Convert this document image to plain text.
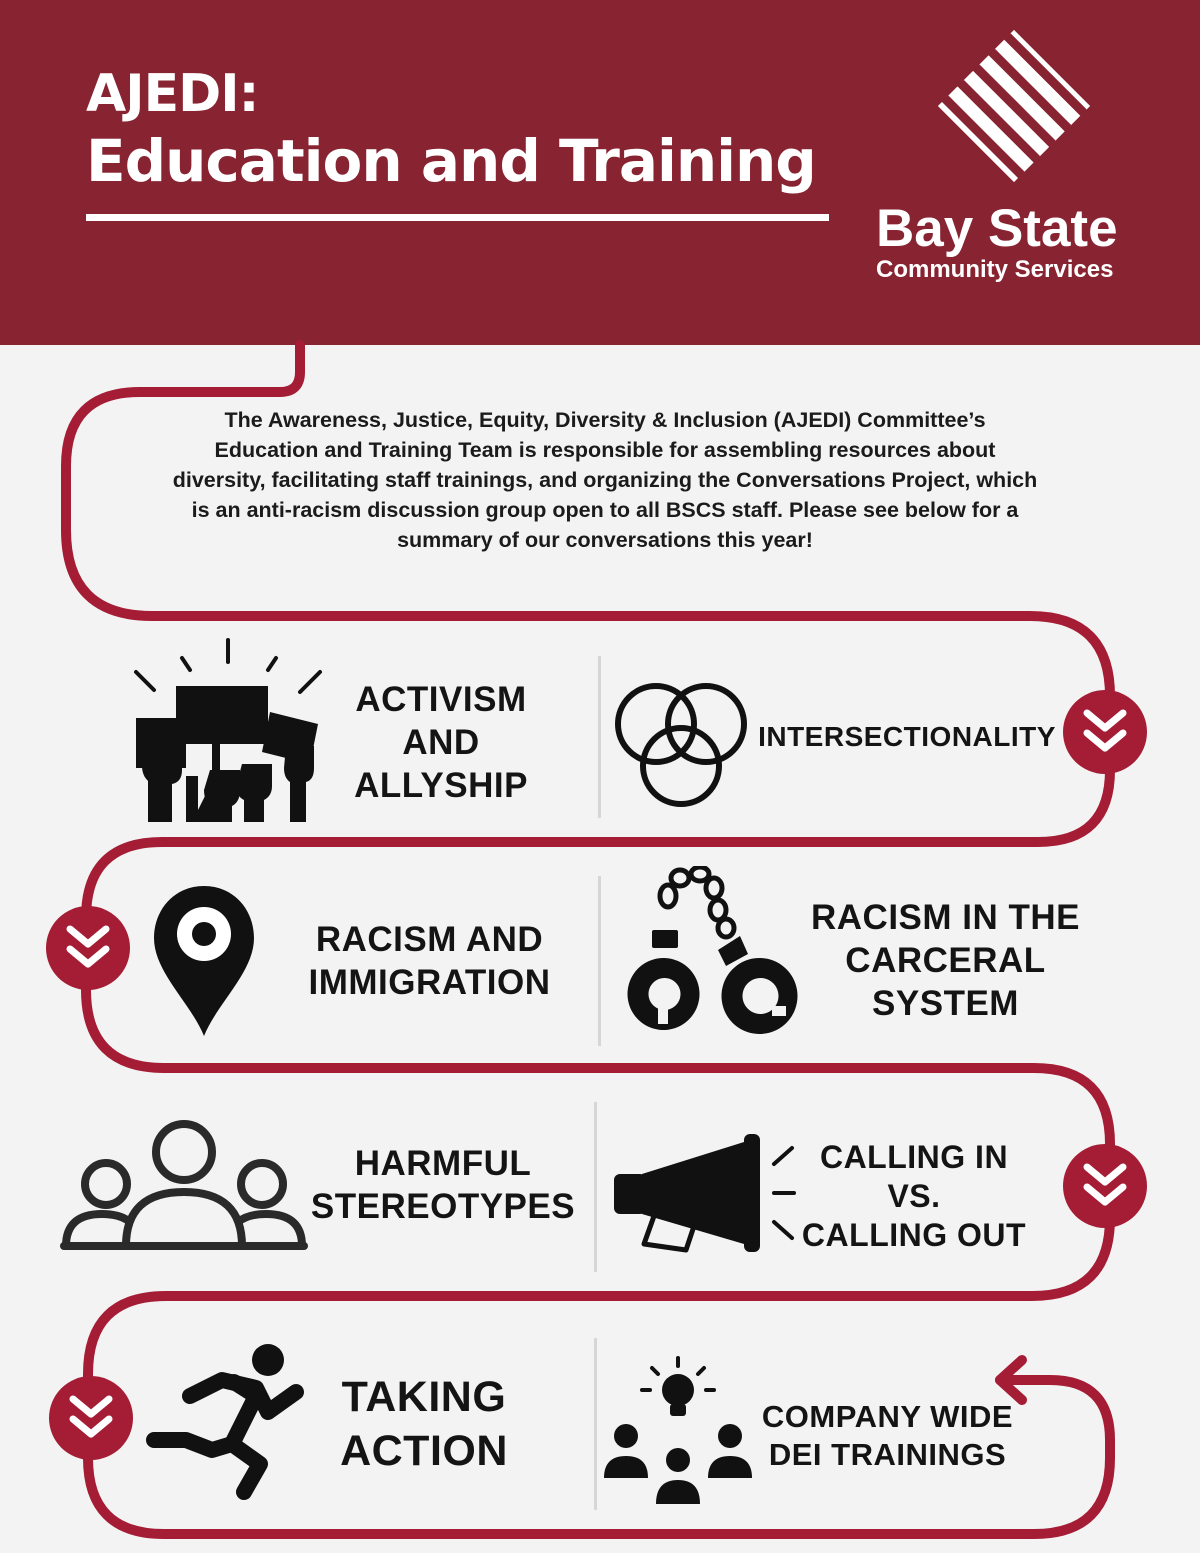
AJEDI:
Education and Training
Bay State
Community Services
The Awareness, Justice, Equity, Diversity & Inclusion (AJEDI) Committee’s Education and Training Team is responsible for assembling resources about diversity, facilitating staff trainings, and organizing the Conversations Project, which is an anti-racism discussion group open to all BSCS staff. Please see below for a summary of our conversations this year!
ACTIVISM
AND
ALLYSHIP
INTERSECTIONALITY
RACISM AND
IMMIGRATION
RACISM IN THE
CARCERAL
SYSTEM
HARMFUL
STEREOTYPES
CALLING IN
VS.
CALLING OUT
TAKING
ACTION
COMPANY WIDE
DEI TRAININGS
